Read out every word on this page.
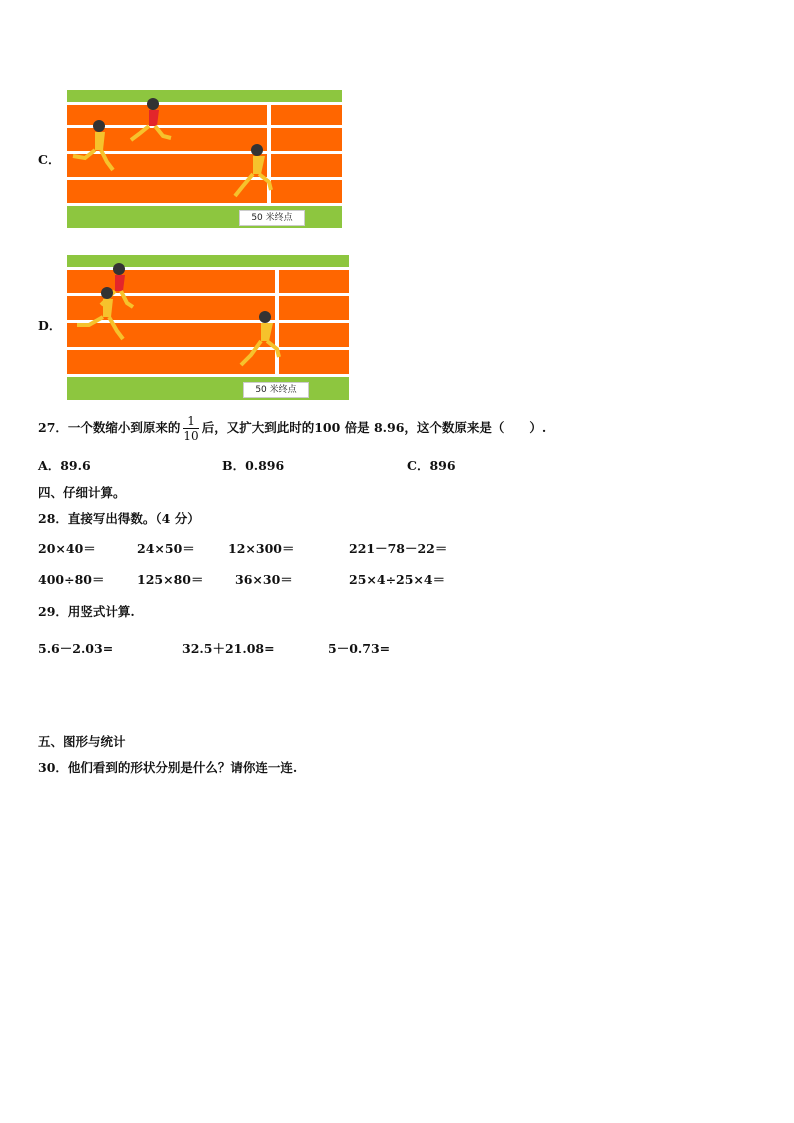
C．
50 米终点
D．
50 米终点
27．一个数缩小到原来的 $\frac{1}{10}$ 后，又扩大到此时的100 倍是 8.96，这个数原来是（　　）.
A．89.6	B．0.896	C．896
四、仔细计算。
28．直接写出得数。（4 分）
20×40＝	24×50＝	12×300＝	221－78－22＝
400÷80＝	125×80＝	36×30＝	25×4÷25×4＝
29．用竖式计算.
5.6－2.03=	32.5＋21.08=	5－0.73=
五、图形与统计
30．他们看到的形状分别是什么？请你连一连.
